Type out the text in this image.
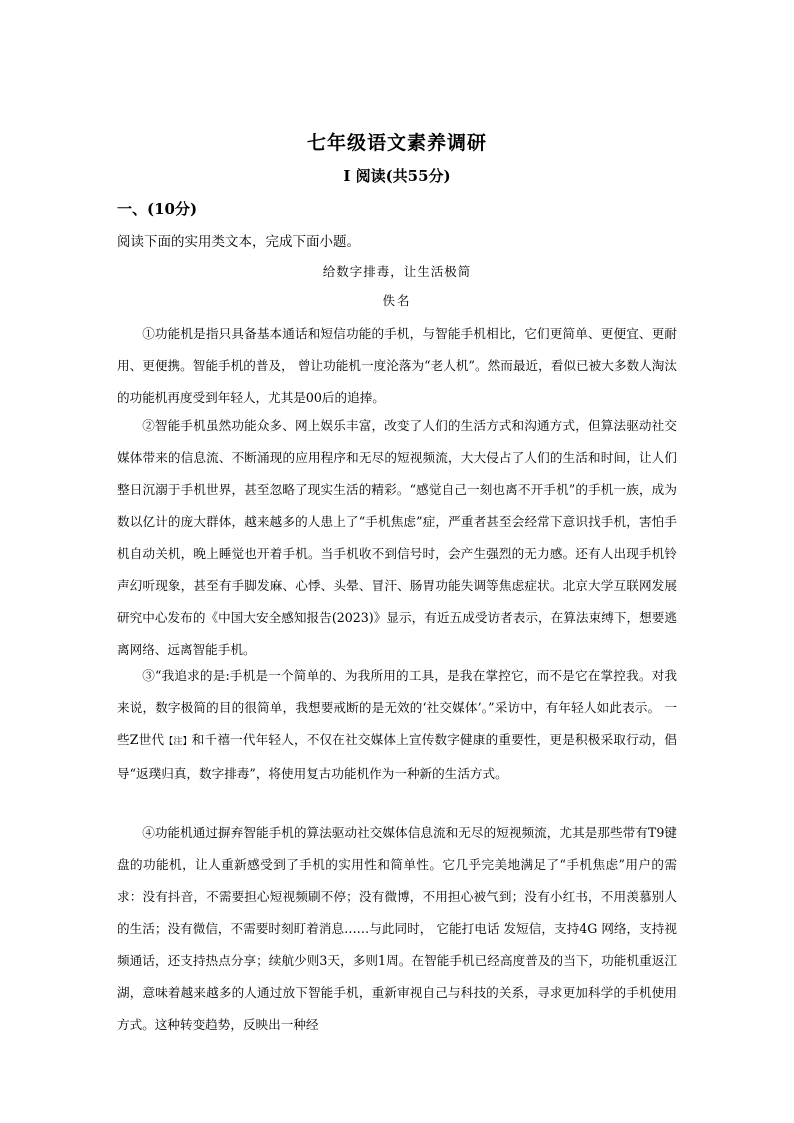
七年级语文素养调研
Ⅰ 阅读(共55分)
一、(10分)
阅读下面的实用类文本，完成下面小题。
给数字排毒，让生活极简
佚名

①功能机是指只具备基本通话和短信功能的手机，与智能手机相比，它们更简单、更便宜、更耐用、更便携。智能手机的普及， 曾让功能机一度沦落为“老人机”。然而最近，看似已被大多数人淘汰的功能机再度受到年轻人，尤其是00后的追捧。

②智能手机虽然功能众多、网上娱乐丰富，改变了人们的生活方式和沟通方式，但算法驱动社交媒体带来的信息流、不断涌现的应用程序和无尽的短视频流，大大侵占了人们的生活和时间，让人们整日沉溺于手机世界，甚至忽略了现实生活的精彩。“感觉自己一刻也离不开手机”的手机一族，成为数以亿计的庞大群体，越来越多的人患上了“手机焦虑”症，严重者甚至会经常下意识找手机，害怕手机自动关机，晚上睡觉也开着手机。当手机收不到信号时，会产生强烈的无力感。还有人出现手机铃声幻听现象，甚至有手脚发麻、心悸、头晕、冒汗、肠胃功能失调等焦虑症状。北京大学互联网发展研究中心发布的《中国大安全感知报告(2023)》显示，有近五成受访者表示，在算法束缚下，想要逃离网络、远离智能手机。

③“我追求的是:手机是一个简单的、为我所用的工具，是我在掌控它，而不是它在掌控我。对我来说，数字极简的目的很简单，我想要戒断的是无效的‘社交媒体’。”采访中，有年轻人如此表示。 一些Z世代【注】和千禧一代年轻人，不仅在社交媒体上宣传数字健康的重要性，更是积极采取行动，倡导“返璞归真，数字排毒”，将使用复古功能机作为一种新的生活方式。

④功能机通过摒弃智能手机的算法驱动社交媒体信息流和无尽的短视频流，尤其是那些带有T9键盘的功能机，让人重新感受到了手机的实用性和简单性。它几乎完美地满足了“手机焦虑”用户的需求：没有抖音，不需要担心短视频刷不停；没有微博，不用担心被气到；没有小红书，不用羡慕别人的生活；没有微信，不需要时刻盯着消息……与此同时， 它能打电话 发短信，支持4G 网络，支持视频通话，还支持热点分享；续航少则3天，多则1周。在智能手机已经高度普及的当下，功能机重返江湖，意味着越来越多的人通过放下智能手机，重新审视自己与科技的关系，寻求更加科学的手机使用方式。这种转变趋势，反映出一种经
